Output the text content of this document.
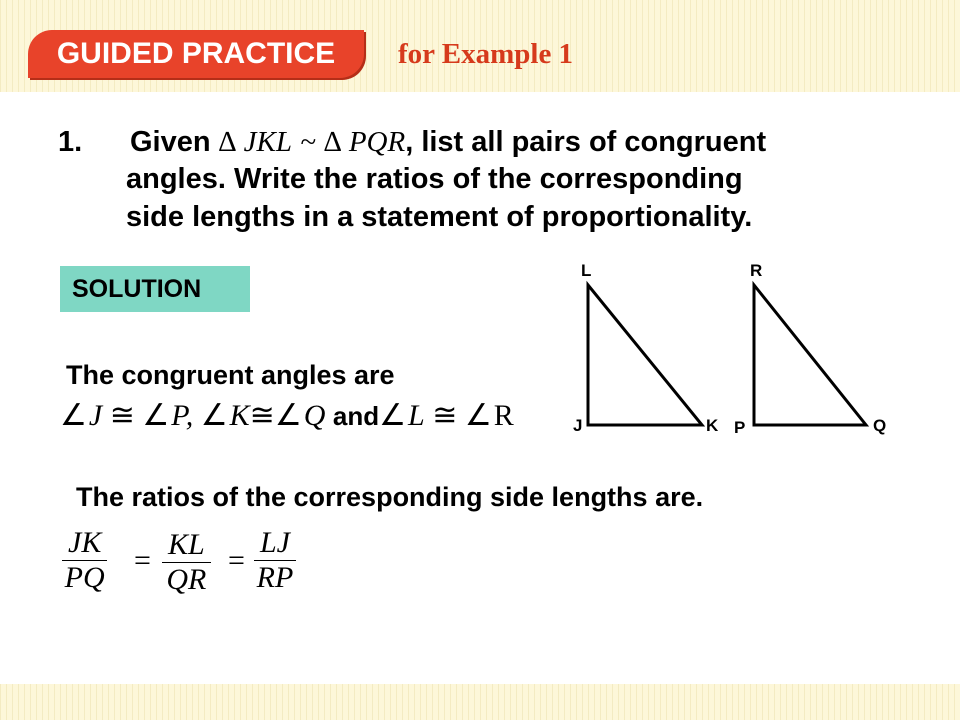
GUIDED PRACTICE	for Example 1
1. Given ∆ JKL ~ ∆ PQR, list all pairs of congruent
angles. Write the ratios of the corresponding
side lengths in a statement of proportionality.
SOLUTION
The congruent angles are
∠J ≅ ∠P, ∠K≅∠Q and∠L ≅ ∠R
The ratios of the corresponding side lengths are.
$\frac{JK}{PQ} = \frac{KL}{QR} = \frac{LJ}{RP}$
L
J	K
R
P	Q
